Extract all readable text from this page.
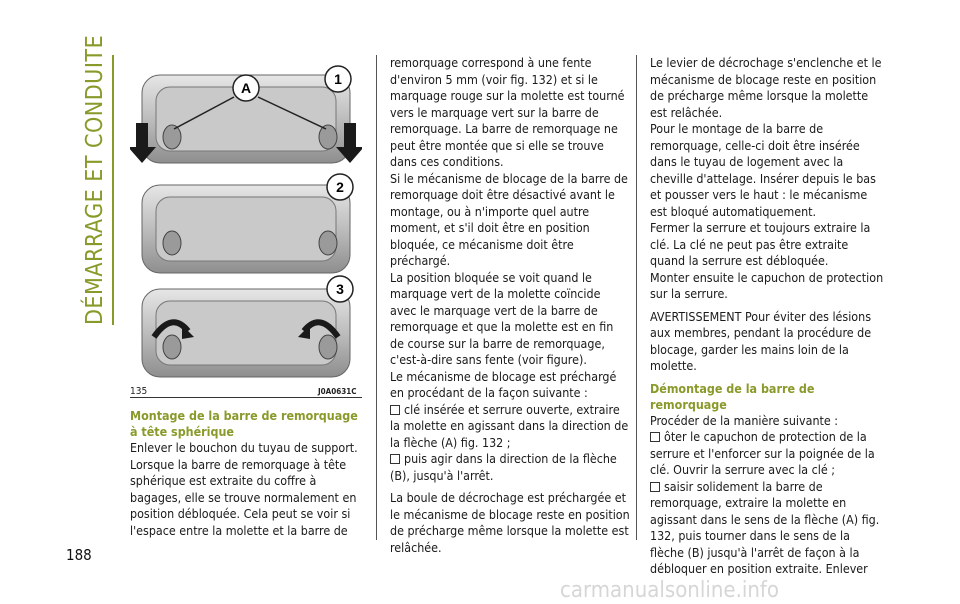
DÉMARRAGE ET CONDUITE
188
A
1
2
3
135	J0A0631C

Montage de la barre de remorquage à tête sphérique

Enlever le bouchon du tuyau de support. Lorsque la barre de remorquage à tête sphérique est extraite du coffre à bagages, elle se trouve normalement en position débloquée. Cela peut se voir si l'espace entre la molette et la barre de

remorquage correspond à une fente d'environ 5 mm (voir fig. 132) et si le marquage rouge sur la molette est tourné vers le marquage vert sur la barre de remorquage. La barre de remorquage ne peut être montée que si elle se trouve dans ces conditions.

Si le mécanisme de blocage de la barre de remorquage doit être désactivé avant le montage, ou à n'importe quel autre moment, et s'il doit être en position bloquée, ce mécanisme doit être préchargé.

La position bloquée se voit quand le marquage vert de la molette coïncide avec le marquage vert de la barre de remorquage et que la molette est en fin de course sur la barre de remorquage, c'est-à-dire sans fente (voir figure).

Le mécanisme de blocage est préchargé en procédant de la façon suivante :

clé insérée et serrure ouverte, extraire la molette en agissant dans la direction de la flèche (A) fig. 132 ;

puis agir dans la direction de la flèche (B), jusqu'à l'arrêt.

La boule de décrochage est préchargée et le mécanisme de blocage reste en position de précharge même lorsque la molette est relâchée.

Le levier de décrochage s'enclenche et le mécanisme de blocage reste en position de précharge même lorsque la molette est relâchée.

Pour le montage de la barre de remorquage, celle-ci doit être insérée dans le tuyau de logement avec la cheville d'attelage. Insérer depuis le bas et pousser vers le haut : le mécanisme est bloqué automatiquement.

Fermer la serrure et toujours extraire la clé. La clé ne peut pas être extraite quand la serrure est débloquée.

Monter ensuite le capuchon de protection sur la serrure.

AVERTISSEMENT Pour éviter des lésions aux membres, pendant la procédure de blocage, garder les mains loin de la molette.

Démontage de la barre de remorquage

Procéder de la manière suivante :

ôter le capuchon de protection de la serrure et l'enforcer sur la poignée de la clé. Ouvrir la serrure avec la clé ;

saisir solidement la barre de remorquage, extraire la molette en agissant dans le sens de la flèche (A) fig. 132, puis tourner dans le sens de la flèche (B) jusqu'à l'arrêt de façon à la débloquer en position extraite. Enlever

carmanualsonline.info
